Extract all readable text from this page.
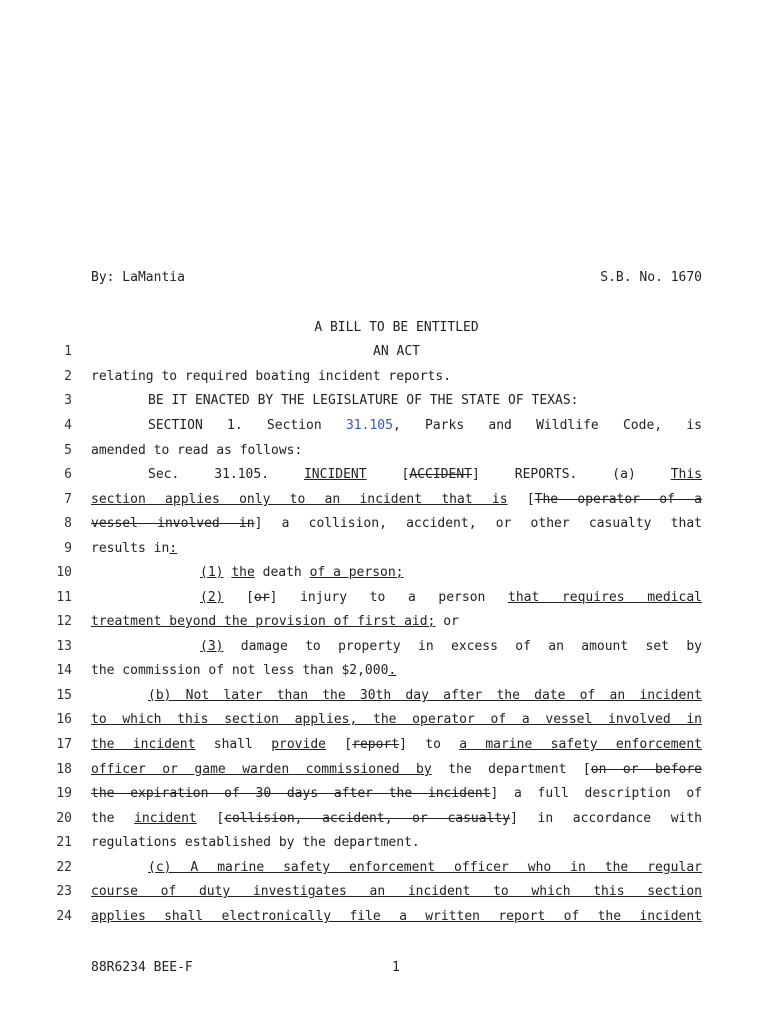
By: LaMantia	S.B. No. 1670
A BILL TO BE ENTITLED
1
2
3
4
5
6
7
8
9
10
11
12
13
14
15
16
17
18
19
20
21
22
23
24
AN ACT
relating to required boating incident reports.
BE IT ENACTED BY THE LEGISLATURE OF THE STATE OF TEXAS:
SECTION 1. Section 31.105, Parks and Wildlife Code, is
amended to read as follows:
Sec. 31.105. INCIDENT [ACCIDENT] REPORTS. (a) This
section applies only to an incident that is [The operator of a
vessel involved in] a collision, accident, or other casualty that
results in:
(1) the death of a person;
(2) [or] injury to a person that requires medical
treatment beyond the provision of first aid; or
(3) damage to property in excess of an amount set by
the commission of not less than $2,000.
(b) Not later than the 30th day after the date of an incident
to which this section applies, the operator of a vessel involved in
the incident shall provide [report] to a marine safety enforcement
officer or game warden commissioned by the department [on or before
the expiration of 30 days after the incident] a full description of
the incident [collision, accident, or casualty] in accordance with
regulations established by the department.
(c) A marine safety enforcement officer who in the regular
course of duty investigates an incident to which this section
applies shall electronically file a written report of the incident
88R6234 BEE-F	1
